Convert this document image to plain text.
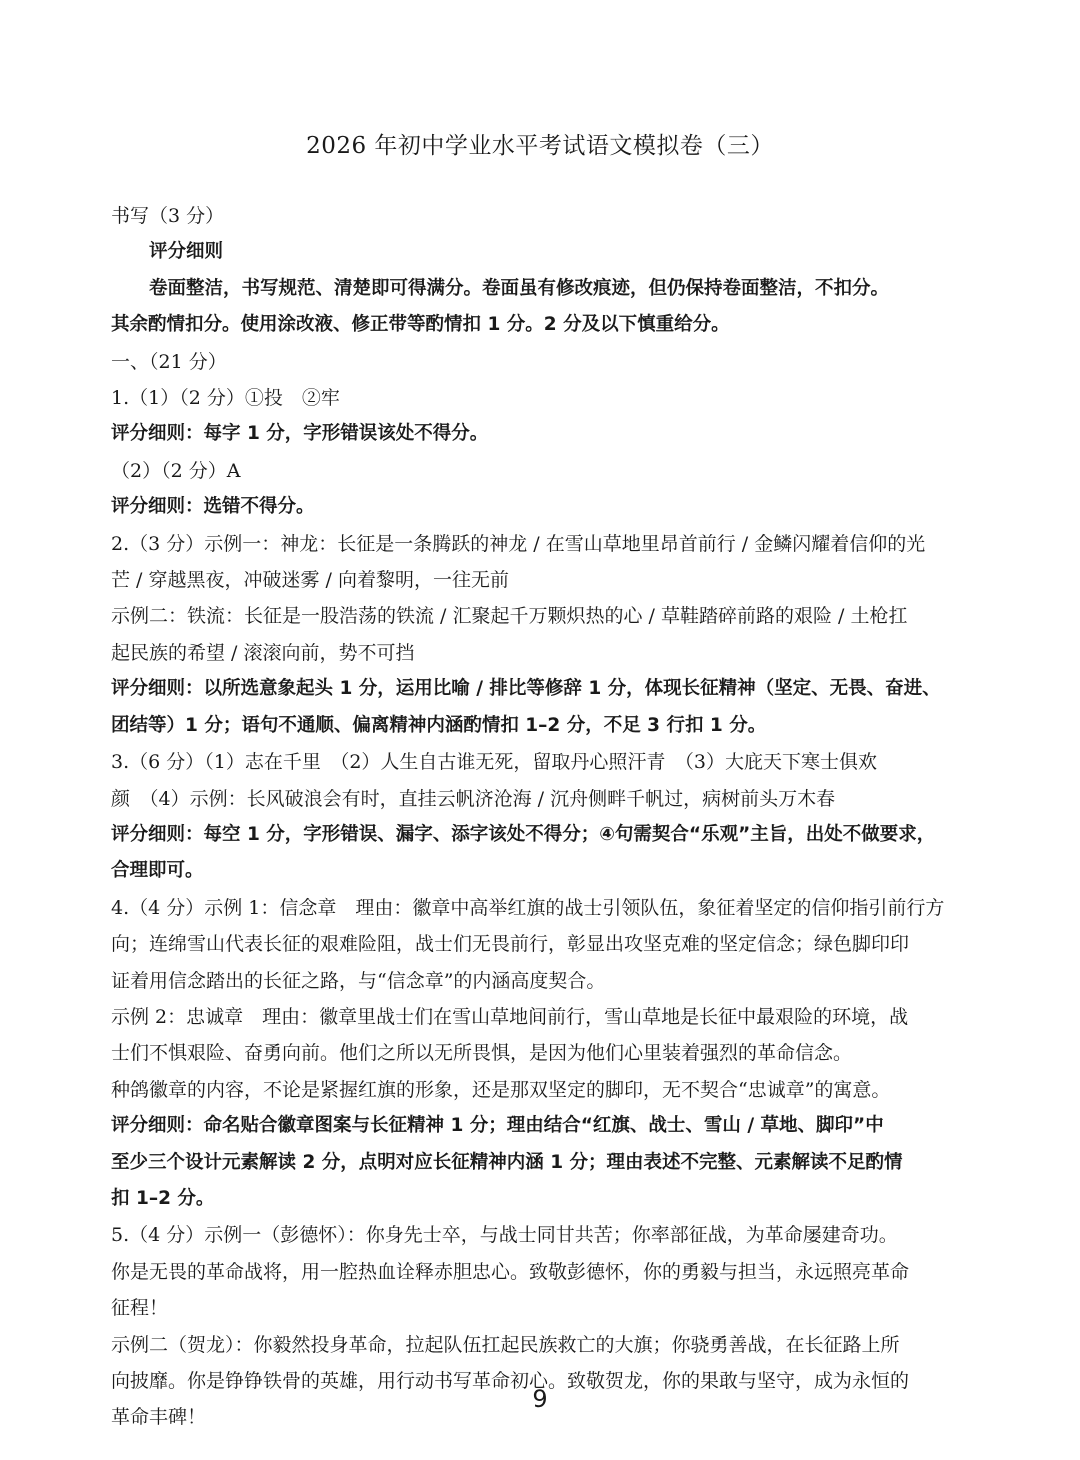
2026 年初中学业水平考试语文模拟卷（三）

书写（3 分）

评分细则

卷面整洁，书写规范、清楚即可得满分。卷面虽有修改痕迹，但仍保持卷面整洁，不扣分。

其余酌情扣分。使用涂改液、修正带等酌情扣 1 分。2 分及以下慎重给分。

一、（21 分）

1.（1）（2 分）①投　②牢

评分细则：每字 1 分，字形错误该处不得分。

（2）（2 分）A

评分细则：选错不得分。

2.（3 分）示例一：神龙：长征是一条腾跃的神龙 / 在雪山草地里昂首前行 / 金鳞闪耀着信仰的光

芒 / 穿越黑夜，冲破迷雾 / 向着黎明，一往无前

示例二：铁流：长征是一股浩荡的铁流 / 汇聚起千万颗炽热的心 / 草鞋踏碎前路的艰险 / 土枪扛

起民族的希望 / 滚滚向前，势不可挡

评分细则：以所选意象起头 1 分，运用比喻 / 排比等修辞 1 分，体现长征精神（坚定、无畏、奋进、

团结等）1 分；语句不通顺、偏离精神内涵酌情扣 1–2 分，不足 3 行扣 1 分。

3.（6 分）（1）志在千里　（2）人生自古谁无死，留取丹心照汗青　（3）大庇天下寒士俱欢

颜　（4）示例：长风破浪会有时，直挂云帆济沧海 / 沉舟侧畔千帆过，病树前头万木春

评分细则：每空 1 分，字形错误、漏字、添字该处不得分；④句需契合“乐观”主旨，出处不做要求，

合理即可。

4.（4 分）示例 1：信念章　理由：徽章中高举红旗的战士引领队伍，象征着坚定的信仰指引前行方

向；连绵雪山代表长征的艰难险阻，战士们无畏前行，彰显出攻坚克难的坚定信念；绿色脚印印

证着用信念踏出的长征之路，与“信念章”的内涵高度契合。

示例 2：忠诚章　理由：徽章里战士们在雪山草地间前行，雪山草地是长征中最艰险的环境，战

士们不惧艰险、奋勇向前。他们之所以无所畏惧，是因为他们心里装着强烈的革命信念。

种鸽徽章的内容，不论是紧握红旗的形象，还是那双坚定的脚印，无不契合“忠诚章”的寓意。

评分细则：命名贴合徽章图案与长征精神 1 分；理由结合“红旗、战士、雪山 / 草地、脚印”中

至少三个设计元素解读 2 分，点明对应长征精神内涵 1 分；理由表述不完整、元素解读不足酌情

扣 1–2 分。

5.（4 分）示例一（彭德怀）：你身先士卒，与战士同甘共苦；你率部征战，为革命屡建奇功。

你是无畏的革命战将，用一腔热血诠释赤胆忠心。致敬彭德怀，你的勇毅与担当，永远照亮革命

征程！

示例二（贺龙）：你毅然投身革命，拉起队伍扛起民族救亡的大旗；你骁勇善战，在长征路上所

向披靡。你是铮铮铁骨的英雄，用行动书写革命初心。致敬贺龙，你的果敢与坚守，成为永恒的

革命丰碑！

9
